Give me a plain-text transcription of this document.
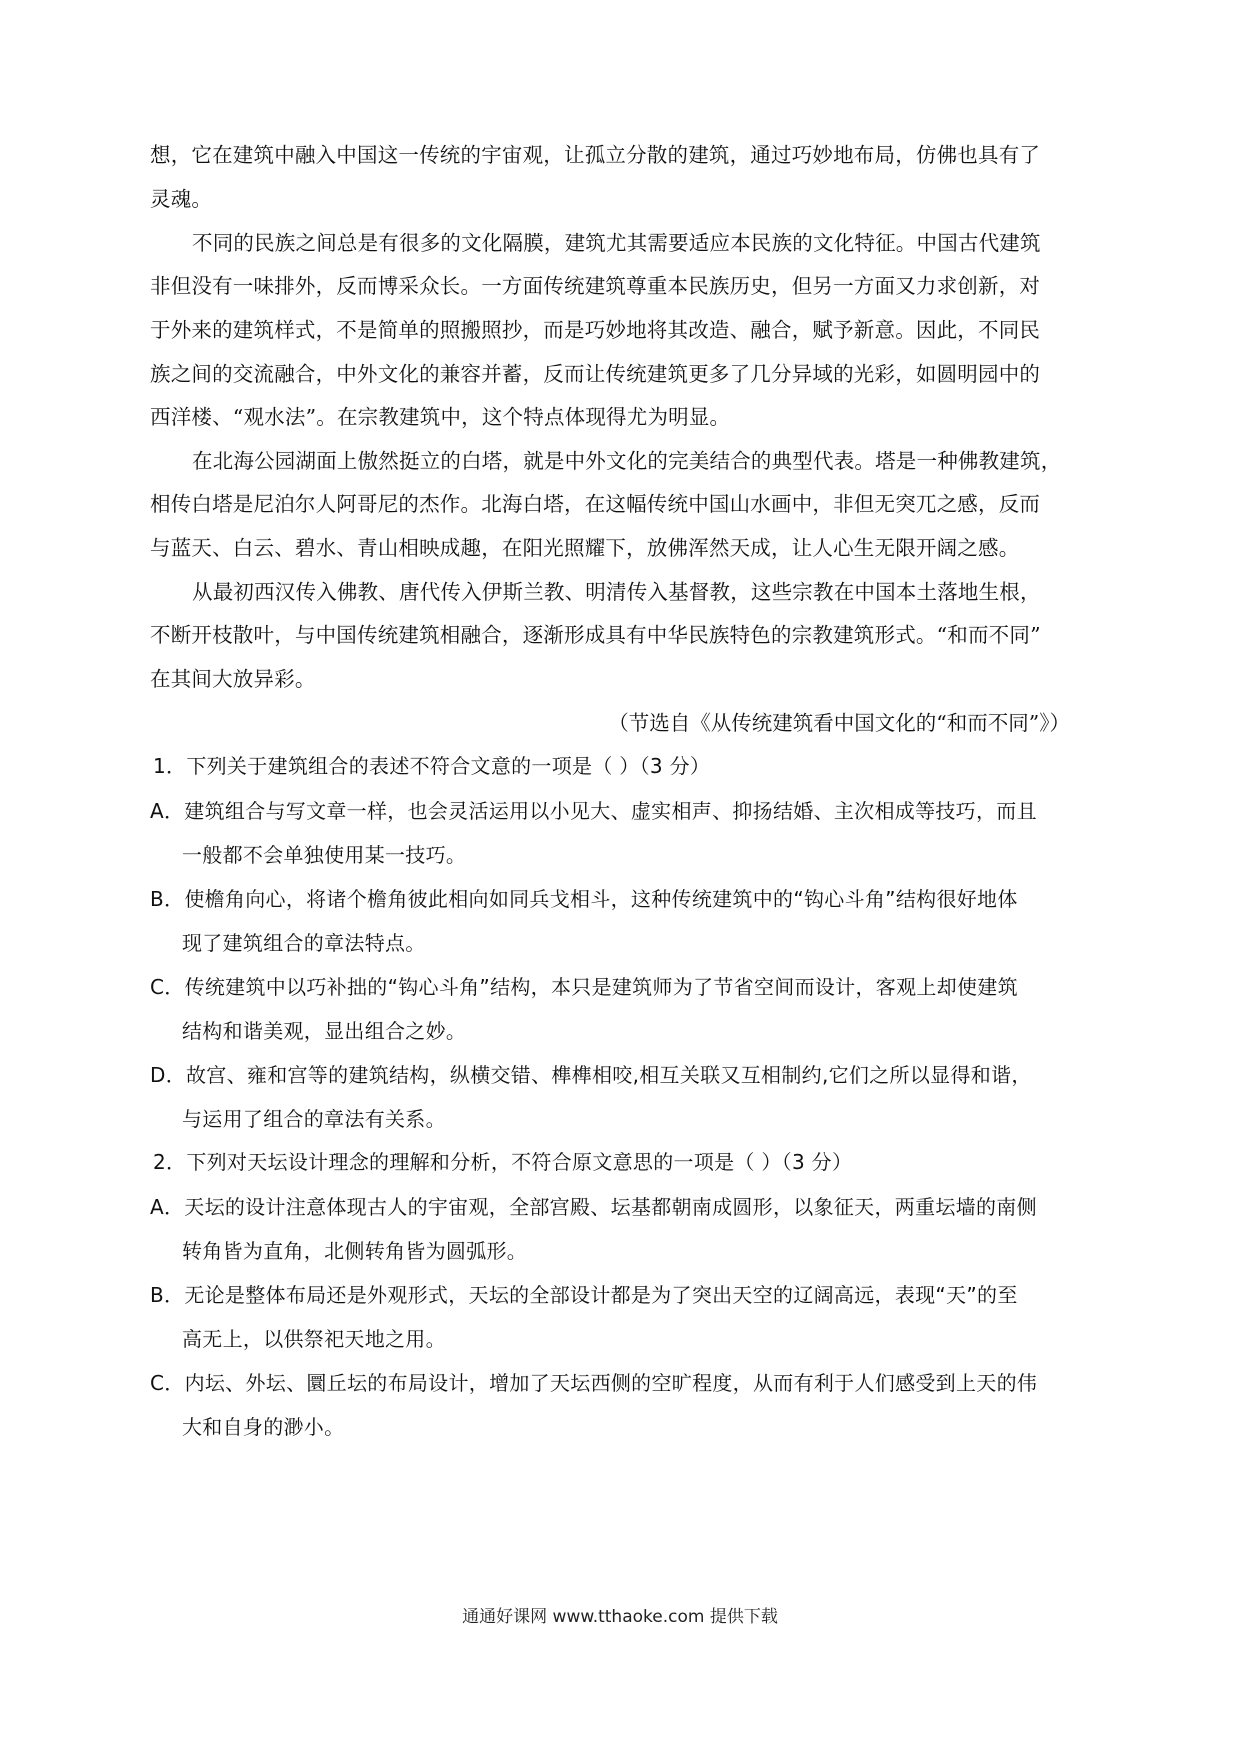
想，它在建筑中融入中国这一传统的宇宙观，让孤立分散的建筑，通过巧妙地布局，仿佛也具有了
灵魂。
不同的民族之间总是有很多的文化隔膜，建筑尤其需要适应本民族的文化特征。中国古代建筑
非但没有一味排外，反而博采众长。一方面传统建筑尊重本民族历史，但另一方面又力求创新，对
于外来的建筑样式，不是简单的照搬照抄，而是巧妙地将其改造、融合，赋予新意。因此，不同民
族之间的交流融合，中外文化的兼容并蓄，反而让传统建筑更多了几分异域的光彩，如圆明园中的
西洋楼、“观水法”。在宗教建筑中，这个特点体现得尤为明显。
在北海公园湖面上傲然挺立的白塔，就是中外文化的完美结合的典型代表。塔是一种佛教建筑，
相传白塔是尼泊尔人阿哥尼的杰作。北海白塔，在这幅传统中国山水画中，非但无突兀之感，反而
与蓝天、白云、碧水、青山相映成趣，在阳光照耀下，放佛浑然天成，让人心生无限开阔之感。
从最初西汉传入佛教、唐代传入伊斯兰教、明清传入基督教，这些宗教在中国本土落地生根，
不断开枝散叶，与中国传统建筑相融合，逐渐形成具有中华民族特色的宗教建筑形式。“和而不同”
在其间大放异彩。
（节选自《从传统建筑看中国文化的“和而不同”》）
1．下列关于建筑组合的表述不符合文意的一项是（ ）（3 分）
A．建筑组合与写文章一样，也会灵活运用以小见大、虚实相声、抑扬结婚、主次相成等技巧，而且
一般都不会单独使用某一技巧。
B．使檐角向心，将诸个檐角彼此相向如同兵戈相斗，这种传统建筑中的“钩心斗角”结构很好地体
现了建筑组合的章法特点。
C．传统建筑中以巧补拙的“钩心斗角”结构，本只是建筑师为了节省空间而设计，客观上却使建筑
结构和谐美观，显出组合之妙。
D．故宫、雍和宫等的建筑结构，纵横交错、榫榫相咬,相互关联又互相制约,它们之所以显得和谐，
与运用了组合的章法有关系。
2．下列对天坛设计理念的理解和分析，不符合原文意思的一项是（ ）（3 分）
A．天坛的设计注意体现古人的宇宙观，全部宫殿、坛基都朝南成圆形，以象征天，两重坛墙的南侧
转角皆为直角，北侧转角皆为圆弧形。
B．无论是整体布局还是外观形式，天坛的全部设计都是为了突出天空的辽阔高远，表现“天”的至
高无上，以供祭祀天地之用。
C．内坛、外坛、圜丘坛的布局设计，增加了天坛西侧的空旷程度，从而有利于人们感受到上天的伟
大和自身的渺小。
通通好课网 www.tthaoke.com 提供下载
